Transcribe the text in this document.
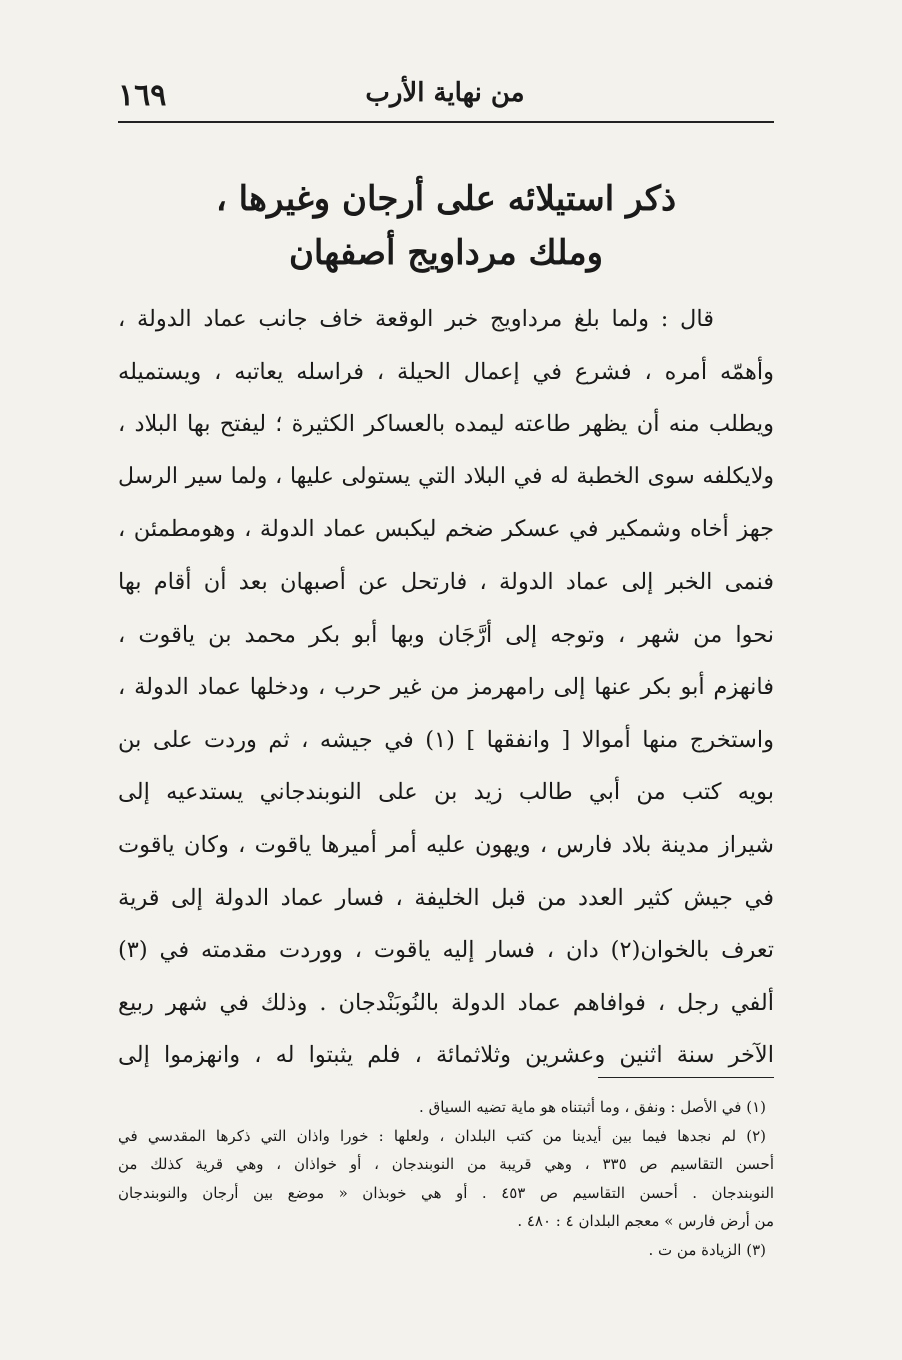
١٦٩	من نهاية الأرب
ذكر استيلائه على أرجان وغيرها ،
وملك مرداويج أصفهان
قال : ولما بلغ مرداويج خبر الوقعة خاف جانب عماد الدولة ،
وأهمّه أمره ، فشرع في إعمال الحيلة ، فراسله يعاتبه ، ويستميله
ويطلب منه أن يظهر طاعته ليمده بالعساكر الكثيرة ؛ ليفتح بها البلاد ،
ولايكلفه سوى الخطبة له في البلاد التي يستولى عليها ، ولما سير الرسل
جهز أخاه وشمكير في عسكر ضخم ليكبس عماد الدولة ، وهومطمئن ،
فنمى الخبر إلى عماد الدولة ، فارتحل عن أصبهان بعد أن أقام بها
نحوا من شهر ، وتوجه إلى أرَّجَان وبها أبو بكر محمد بن ياقوت ،
فانهزم أبو بكر عنها إلى رامهرمز من غير حرب ، ودخلها عماد الدولة ،
واستخرج منها أموالا [ وانفقها ] (١) في جيشه ، ثم وردت على بن
بويه كتب من أبي طالب زيد بن على النوبندجاني يستدعيه إلى
شيراز مدينة بلاد فارس ، ويهون عليه أمر أميرها ياقوت ، وكان ياقوت
في جيش كثير العدد من قبل الخليفة ، فسار عماد الدولة إلى قرية
تعرف بالخوان(٢) دان ، فسار إليه ياقوت ، ووردت مقدمته في (٣)
ألفي رجل ، فوافاهم عماد الدولة بالنُوبَنْدجان . وذلك في شهر ربيع
الآخر سنة اثنين وعشرين وثلاثمائة ، فلم يثبتوا له ، وانهزموا إلى
(١) في الأصل : ونفق ، وما أثبتناه هو ماية تضيه السياق .
(٢) لم نجدها فيما بين أيدينا من كتب البلدان ، ولعلها : خورا واذان التي ذكرها المقدسي في
أحسن التقاسيم ص ٣٣٥ ، وهي قريبة من النوبندجان ، أو خواذان ، وهي قرية كذلك من
النوبندجان . أحسن التقاسيم ص ٤٥٣ . أو هي خوبذان « موضع بين أرجان والنوبندجان
من أرض فارس » معجم البلدان ٤ : ٤٨٠ .
(٣) الزيادة من ت .
